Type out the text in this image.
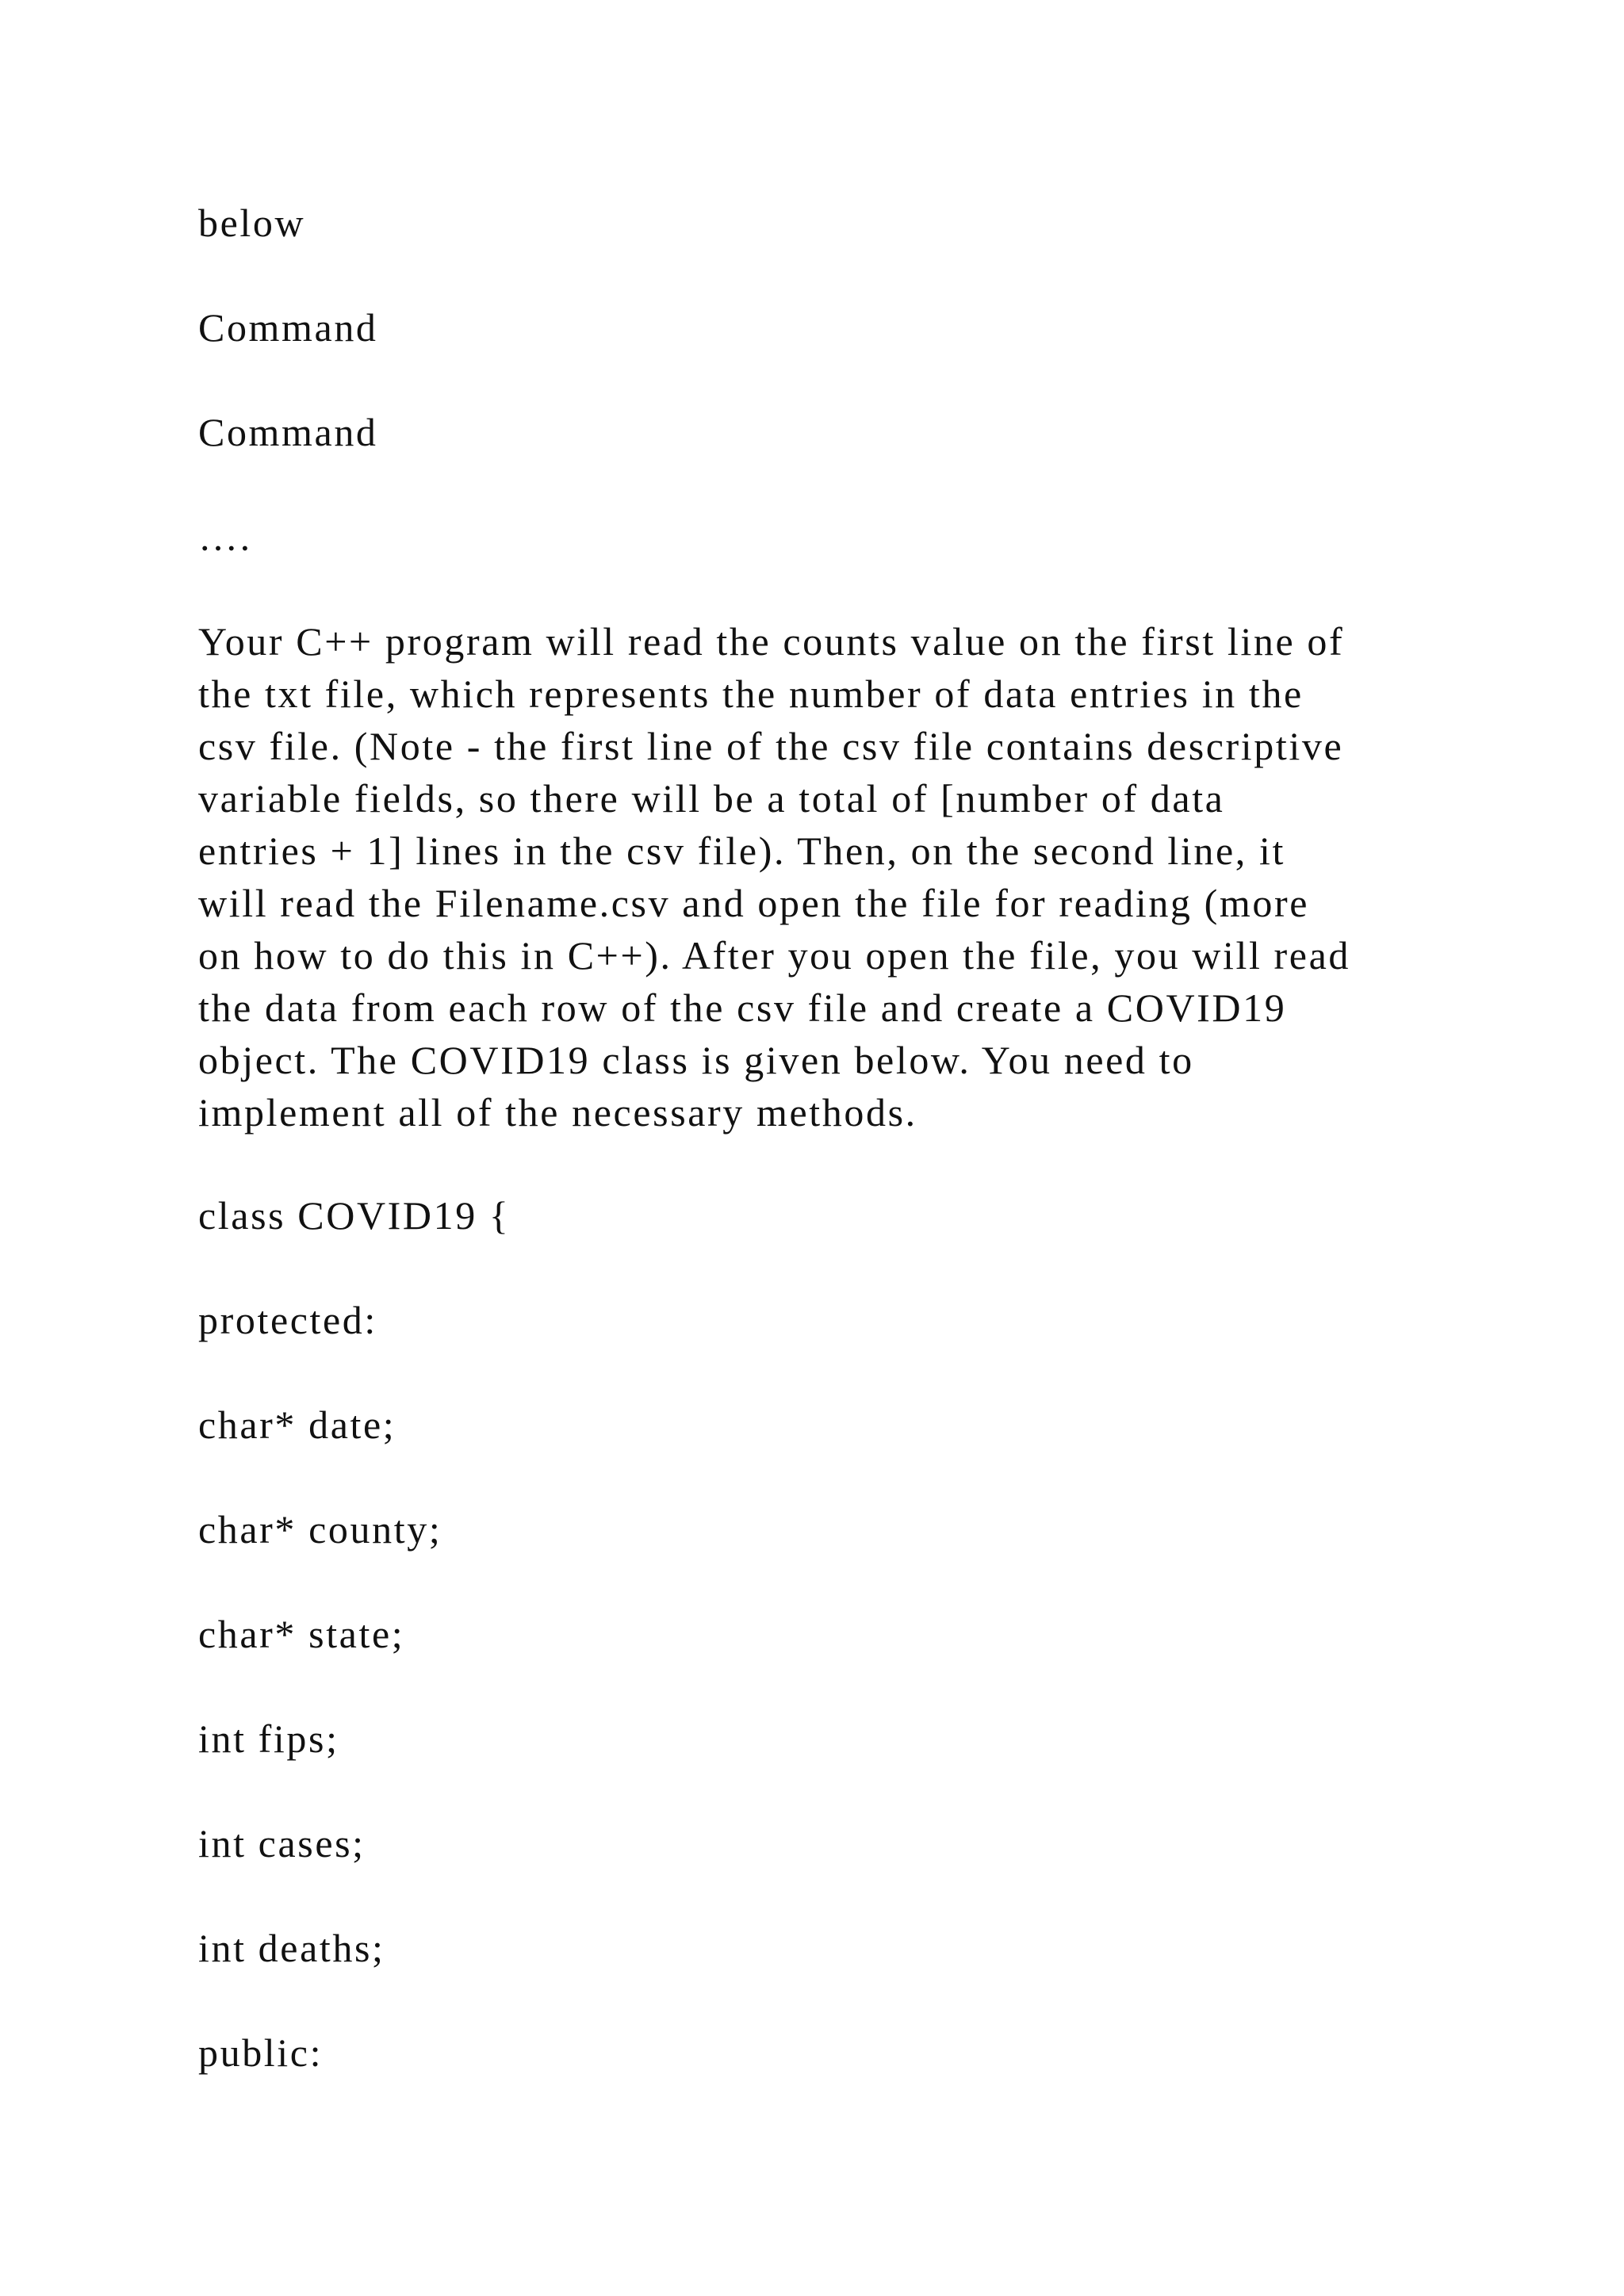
below
Command
Command
….
Your C++ program will read the counts value on the first line of
the txt file, which represents the number of data entries in the
csv file. (Note - the first line of the csv file contains descriptive
variable fields, so there will be a total of [number of data
entries + 1] lines in the csv file). Then, on the second line, it
will read the Filename.csv and open the file for reading (more
on how to do this in C++). After you open the file, you will read
the data from each row of the csv file and create a COVID19
object. The COVID19 class is given below. You need to
implement all of the necessary methods.
class COVID19 {
protected:
char* date;
char* county;
char* state;
int fips;
int cases;
int deaths;
public:
